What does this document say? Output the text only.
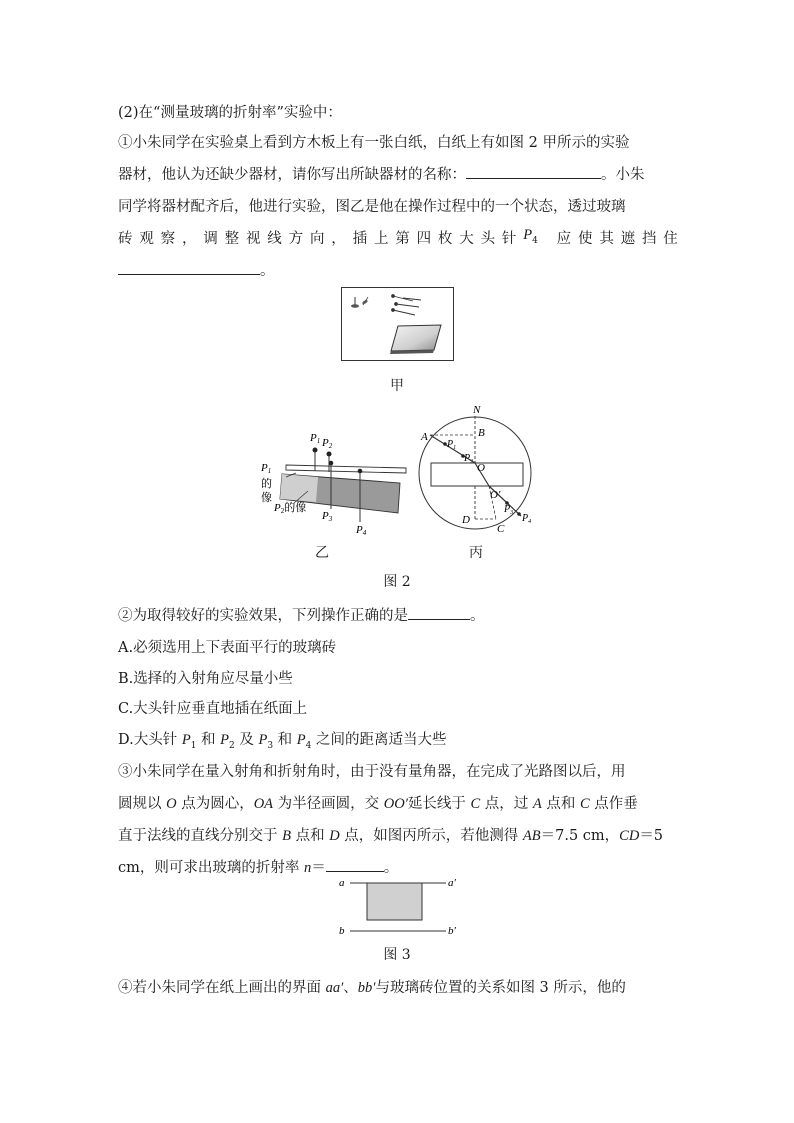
(2)在“测量玻璃的折射率”实验中：
①小朱同学在实验桌上看到方木板上有一张白纸，白纸上有如图 2 甲所示的实验
器材，他认为还缺少器材，请你写出所缺器材的名称：	。小朱
同学将器材配齐后，他进行实验，图乙是他在操作过程中的一个状态，透过玻璃
砖 观 察 ， 调 整 视 线 方 向 ， 插 上 第 四 枚 大 头 针 $P_4$ 应 使 其 遮 挡 住
。
甲
P1 P2
P3
P4
P1
的
像
P2的像
N
A	B
$P_1$
$P_2$ O
O′
D
C
$P_3$ $P_4$
乙	丙
图 2
②为取得较好的实验效果，下列操作正确的是	。
A.必须选用上下表面平行的玻璃砖
B.选择的入射角应尽量小些
C.大头针应垂直地插在纸面上
D.大头针 $P_1$ 和 $P_2$ 及 $P_3$ 和 $P_4$ 之间的距离适当大些
③小朱同学在量入射角和折射角时，由于没有量角器，在完成了光路图以后，用
圆规以 O 点为圆心，OA 为半径画圆，交 OO′延长线于 C 点，过 A 点和 C 点作垂
直于法线的直线分别交于 B 点和 D 点，如图丙所示，若他测得 AB＝7.5 cm，CD＝5
cm，则可求出玻璃的折射率 n＝	。
a	a′
b	b′
图 3
④若小朱同学在纸上画出的界面 aa′、bb′与玻璃砖位置的关系如图 3 所示，他的
